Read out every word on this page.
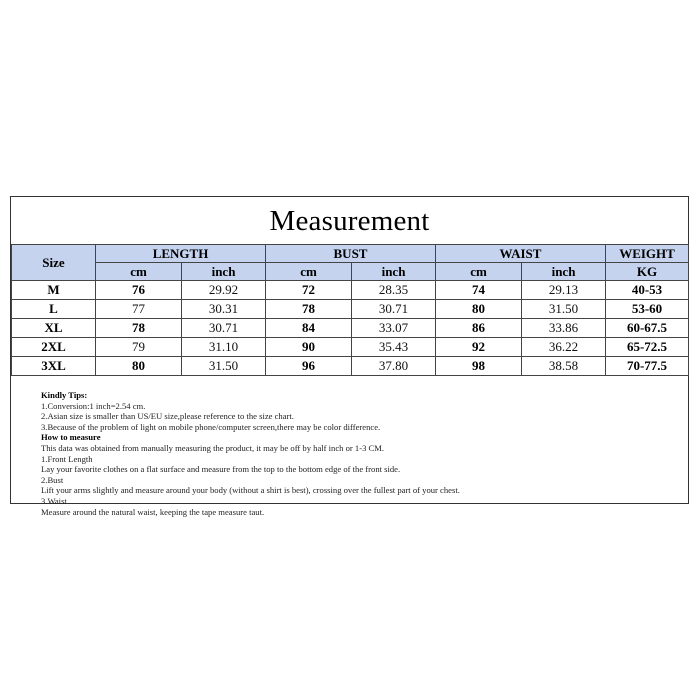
Measurement
Size	LENGTH		BUST		WAIST		WEIGHT
	cm	inch	cm	inch	cm	inch	KG
M	76	29.92	72	28.35	74	29.13	40-53
L	77	30.31	78	30.71	80	31.50	53-60
XL	78	30.71	84	33.07	86	33.86	60-67.5
2XL	79	31.10	90	35.43	92	36.22	65-72.5
3XL	80	31.50	96	37.80	98	38.58	70-77.5
Kindly Tips:
1.Conversion:1 inch=2.54 cm.
2.Asian size is smaller than US/EU size,please reference to the size chart.
3.Because of the problem of light on mobile phone/computer screen,there may be color difference.
How to measure
This data was obtained from manually measuring the product, it may be off by half inch or 1-3 CM.
1.Front Length
Lay your favorite clothes on a flat surface and measure from the top to the bottom edge of the front side.
2.Bust
Lift your arms slightly and measure around your body (without a shirt is best), crossing over the fullest part of your chest.
3.Waist
Measure around the natural waist, keeping the tape measure taut.
